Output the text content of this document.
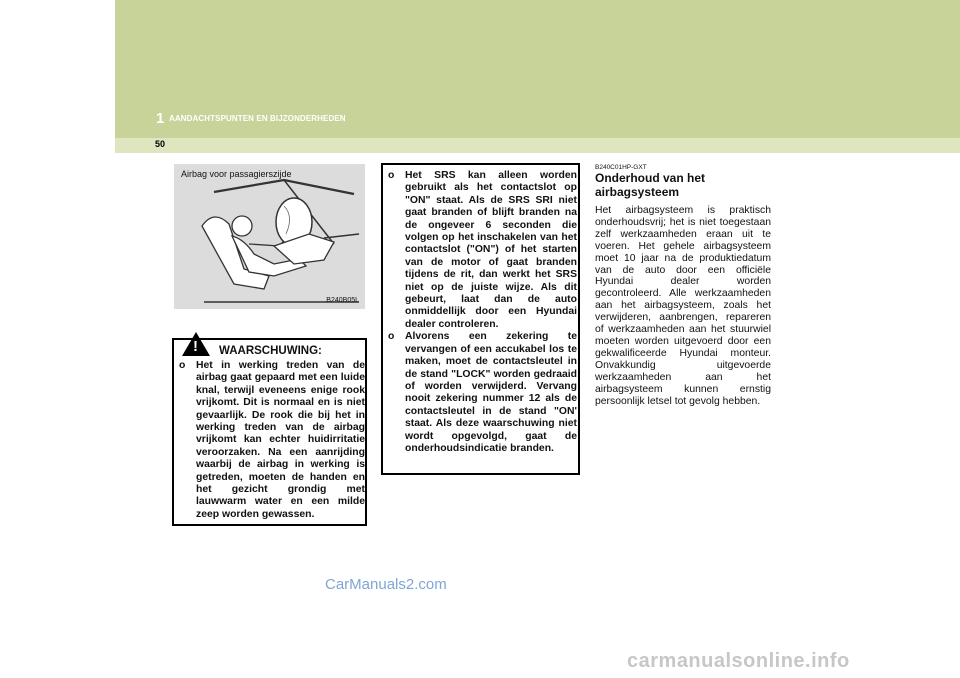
1 AANDACHTSPUNTEN EN BIJZONDERHEDEN
50
Airbag voor passagierszijde
B240B05L
WAARSCHUWING:
o Het in werking treden van de airbag gaat gepaard met een luide knal, terwijl eveneens enige rook vrijkomt. Dit is normaal en is niet gevaarlijk. De rook die bij het in werking treden van de airbag vrijkomt kan echter huidirritatie veroorzaken. Na een aanrijding waarbij de airbag in werking is getreden, moeten de handen en het gezicht grondig met lauwwarm water en een milde zeep worden gewassen.
!
o Het SRS kan alleen worden gebruikt als het contactslot op "ON" staat. Als de SRS SRI niet gaat branden of blijft branden na de ongeveer 6 seconden die volgen op het inschakelen van het contactslot ("ON") of het starten van de motor of gaat branden tijdens de rit, dan werkt het SRS niet op de juiste wijze. Als dit gebeurt, laat dan de auto onmiddellijk door een Hyundai dealer controleren.
o Alvorens een zekering te vervangen of een accukabel los te maken, moet de contactsleutel in de stand "LOCK" worden gedraaid of worden verwijderd. Vervang nooit zekering nummer 12 als de contactsleutel in de stand "ON' staat. Als deze waarschuwing niet wordt opgevolgd, gaat de onderhoudsindicatie branden.
B240C01HP-GXT
Onderhoud van het airbagsysteem
Het airbagsysteem is praktisch onderhoudsvrij; het is niet toegestaan zelf werkzaamheden eraan uit te voeren. Het gehele airbagsysteem moet 10 jaar na de produktiedatum van de auto door een officiële Hyundai dealer worden gecontroleerd. Alle werkzaamheden aan het airbagsysteem, zoals het verwijderen, aanbrengen, repareren of werkzaamheden aan het stuurwiel moeten worden uitgevoerd door een gekwalificeerde Hyundai monteur. Onvakkundig uitgevoerde werkzaamheden aan het airbagsysteem kunnen ernstig persoonlijk letsel tot gevolg hebben.
CarManuals2.com
carmanualsonline.info
